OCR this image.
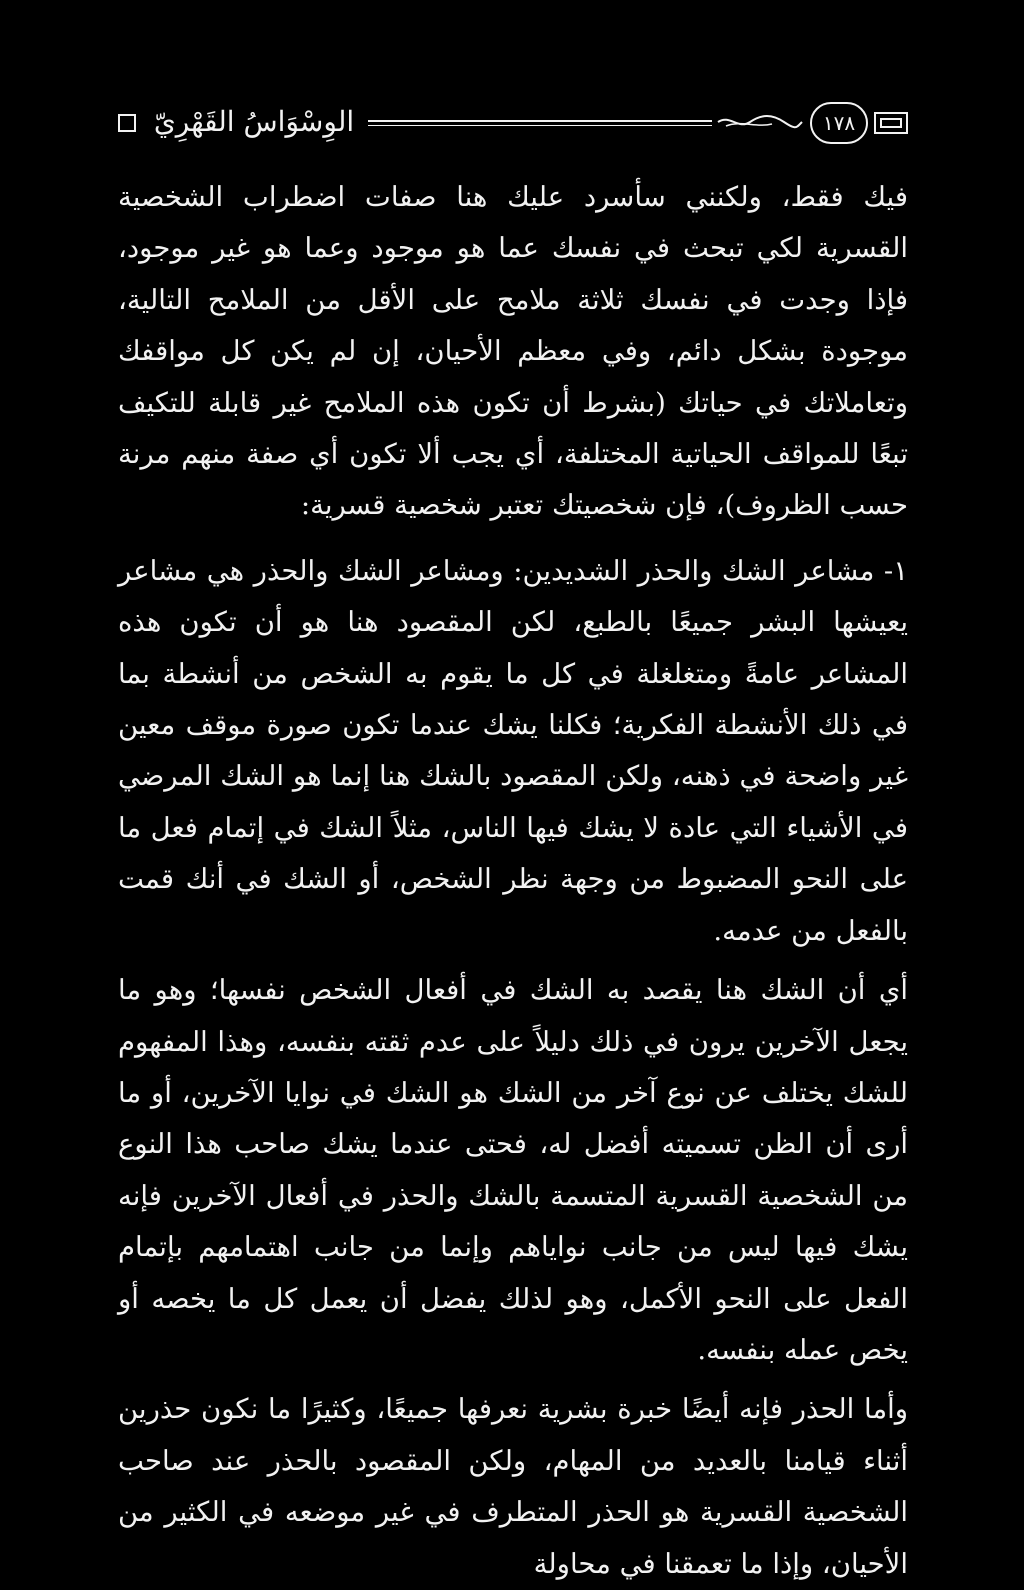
١٧٨
الوِسْوَاسُ القَهْرِيّ

فيك فقط، ولكنني سأسرد عليك هنا صفات اضطراب الشخصية القسرية لكي تبحث في نفسك عما هو موجود وعما هو غير موجود، فإذا وجدت في نفسك ثلاثة ملامح على الأقل من الملامح التالية، موجودة بشكل دائم، وفي معظم الأحيان، إن لم يكن كل مواقفك وتعاملاتك في حياتك (بشرط أن تكون هذه الملامح غير قابلة للتكيف تبعًا للمواقف الحياتية المختلفة، أي يجب ألا تكون أي صفة منهم مرنة حسب الظروف)، فإن شخصيتك تعتبر شخصية قسرية:

١- مشاعر الشك والحذر الشديدين: ومشاعر الشك والحذر هي مشاعر يعيشها البشر جميعًا بالطبع، لكن المقصود هنا هو أن تكون هذه المشاعر عامةً ومتغلغلة في كل ما يقوم به الشخص من أنشطة بما في ذلك الأنشطة الفكرية؛ فكلنا يشك عندما تكون صورة موقف معين غير واضحة في ذهنه، ولكن المقصود بالشك هنا إنما هو الشك المرضي في الأشياء التي عادة لا يشك فيها الناس، مثلاً الشك في إتمام فعل ما على النحو المضبوط من وجهة نظر الشخص، أو الشك في أنك قمت بالفعل من عدمه.

أي أن الشك هنا يقصد به الشك في أفعال الشخص نفسها؛ وهو ما يجعل الآخرين يرون في ذلك دليلاً على عدم ثقته بنفسه، وهذا المفهوم للشك يختلف عن نوع آخر من الشك هو الشك في نوايا الآخرين، أو ما أرى أن الظن تسميته أفضل له، فحتى عندما يشك صاحب هذا النوع من الشخصية القسرية المتسمة بالشك والحذر في أفعال الآخرين فإنه يشك فيها ليس من جانب نواياهم وإنما من جانب اهتمامهم بإتمام الفعل على النحو الأكمل، وهو لذلك يفضل أن يعمل كل ما يخصه أو يخص عمله بنفسه.

وأما الحذر فإنه أيضًا خبرة بشرية نعرفها جميعًا، وكثيرًا ما نكون حذرين أثناء قيامنا بالعديد من المهام، ولكن المقصود بالحذر عند صاحب الشخصية القسرية هو الحذر المتطرف في غير موضعه في الكثير من الأحيان، وإذا ما تعمقنا في محاولة
